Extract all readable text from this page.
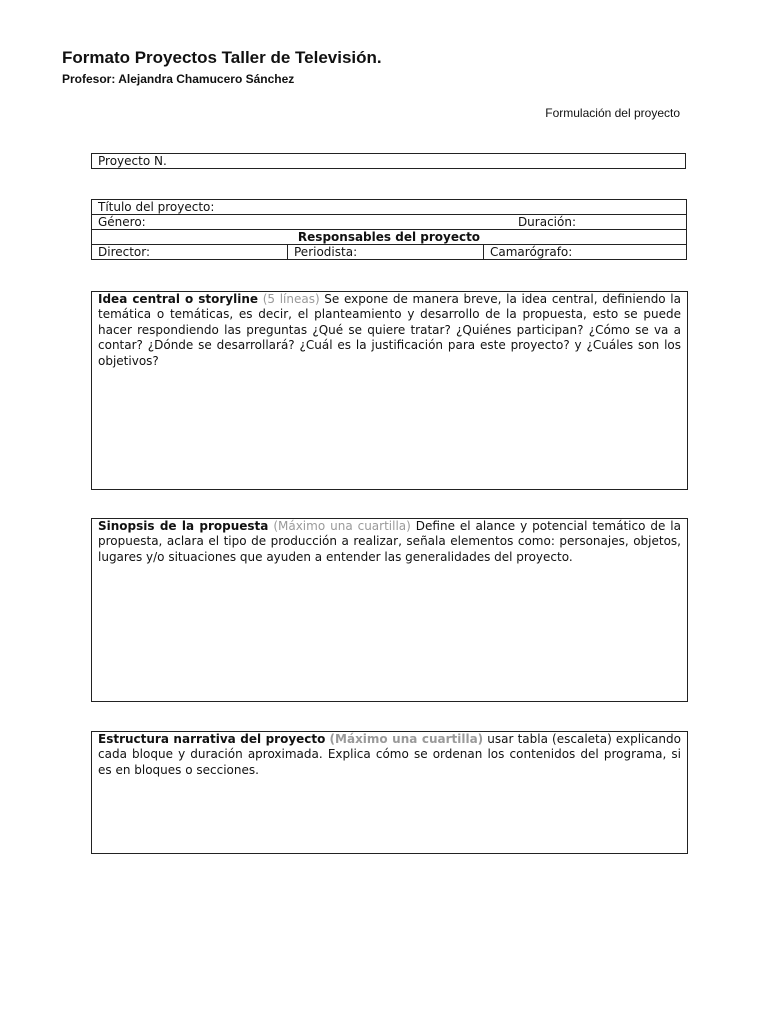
Formato Proyectos Taller de Televisión.
Profesor: Alejandra Chamucero Sánchez
Formulación del proyecto
Proyecto N.
Título del proyecto:

Género:	Duración:

Responsables del proyecto
Director:	Periodista:	Camarógrafo:
Idea central o storyline (5 líneas) Se expone de manera breve, la idea central, definiendo la temática o temáticas, es decir, el planteamiento y desarrollo de la propuesta, esto se puede hacer respondiendo las preguntas ¿Qué se quiere tratar? ¿Quiénes participan? ¿Cómo se va a contar? ¿Dónde se desarrollará? ¿Cuál es la justificación para este proyecto? y ¿Cuáles son los objetivos?
Sinopsis de la propuesta (Máximo una cuartilla) Define el alance y potencial temático de la propuesta, aclara el tipo de producción a realizar, señala elementos como: personajes, objetos, lugares y/o situaciones que ayuden a entender las generalidades del proyecto.
Estructura narrativa del proyecto (Máximo una cuartilla) usar tabla (escaleta) explicando cada bloque y duración aproximada. Explica cómo se ordenan los contenidos del programa, si es en bloques o secciones.
